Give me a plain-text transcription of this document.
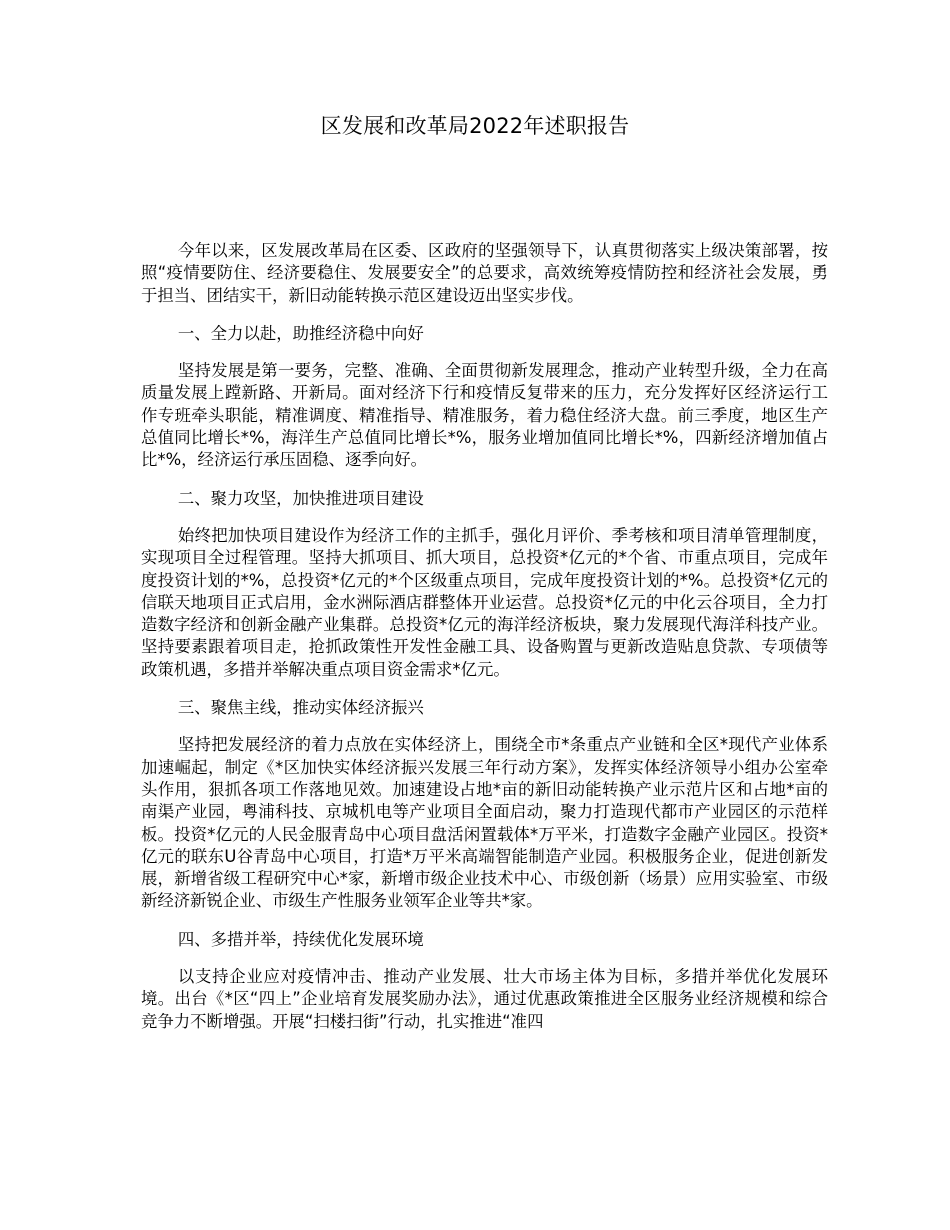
区发展和改革局2022年述职报告

今年以来，区发展改革局在区委、区政府的坚强领导下，认真贯彻落实上级决策部署，按照“疫情要防住、经济要稳住、发展要安全”的总要求，高效统筹疫情防控和经济社会发展，勇于担当、团结实干，新旧动能转换示范区建设迈出坚实步伐。

一、全力以赴，助推经济稳中向好

坚持发展是第一要务，完整、准确、全面贯彻新发展理念，推动产业转型升级，全力在高质量发展上蹚新路、开新局。面对经济下行和疫情反复带来的压力，充分发挥好区经济运行工作专班牵头职能，精准调度、精准指导、精准服务，着力稳住经济大盘。前三季度，地区生产总值同比增长*%，海洋生产总值同比增长*%，服务业增加值同比增长*%，四新经济增加值占比*%，经济运行承压固稳、逐季向好。

二、聚力攻坚，加快推进项目建设

始终把加快项目建设作为经济工作的主抓手，强化月评价、季考核和项目清单管理制度，实现项目全过程管理。坚持大抓项目、抓大项目，总投资*亿元的*个省、市重点项目，完成年度投资计划的*%，总投资*亿元的*个区级重点项目，完成年度投资计划的*%。总投资*亿元的信联天地项目正式启用，金水洲际酒店群整体开业运营。总投资*亿元的中化云谷项目，全力打造数字经济和创新金融产业集群。总投资*亿元的海洋经济板块，聚力发展现代海洋科技产业。坚持要素跟着项目走，抢抓政策性开发性金融工具、设备购置与更新改造贴息贷款、专项债等政策机遇，多措并举解决重点项目资金需求*亿元。

三、聚焦主线，推动实体经济振兴

坚持把发展经济的着力点放在实体经济上，围绕全市*条重点产业链和全区*现代产业体系加速崛起，制定《*区加快实体经济振兴发展三年行动方案》，发挥实体经济领导小组办公室牵头作用，狠抓各项工作落地见效。加速建设占地*亩的新旧动能转换产业示范片区和占地*亩的南渠产业园，粤浦科技、京城机电等产业项目全面启动，聚力打造现代都市产业园区的示范样板。投资*亿元的人民金服青岛中心项目盘活闲置载体*万平米，打造数字金融产业园区。投资*亿元的联东U谷青岛中心项目，打造*万平米高端智能制造产业园。积极服务企业，促进创新发展，新增省级工程研究中心*家，新增市级企业技术中心、市级创新（场景）应用实验室、市级新经济新锐企业、市级生产性服务业领军企业等共*家。

四、多措并举，持续优化发展环境

以支持企业应对疫情冲击、推动产业发展、壮大市场主体为目标，多措并举优化发展环境。出台《*区“四上”企业培育发展奖励办法》，通过优惠政策推进全区服务业经济规模和综合竞争力不断增强。开展“扫楼扫街”行动，扎实推进“准四
